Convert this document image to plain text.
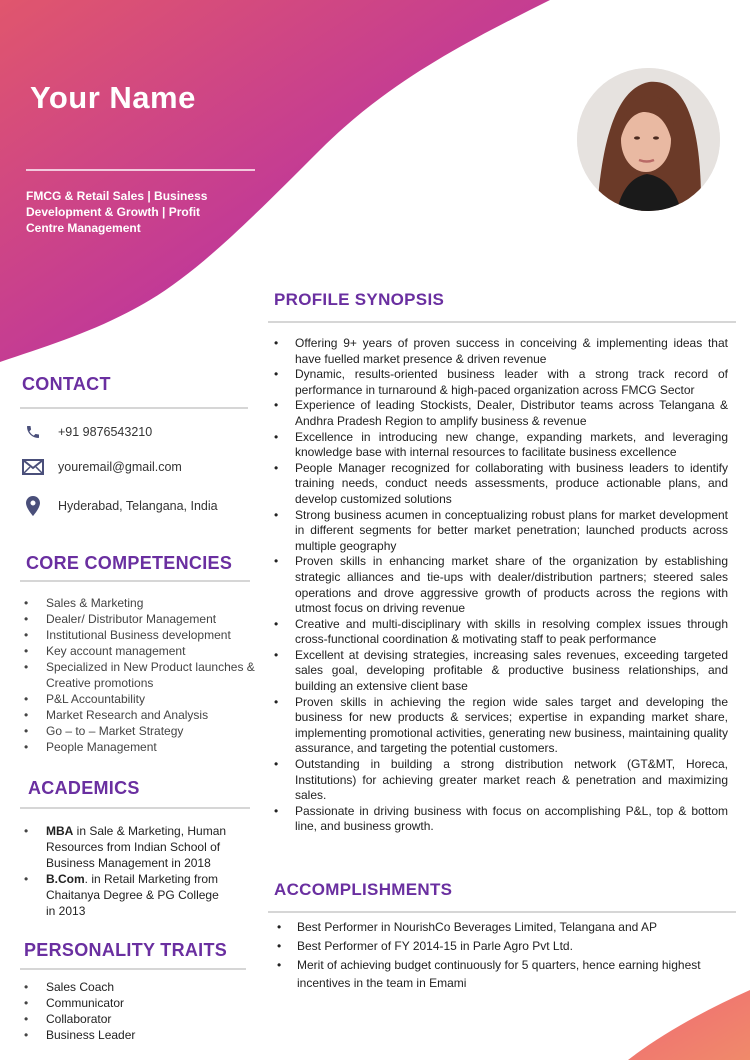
Your Name
FMCG & Retail Sales | Business Development & Growth | Profit Centre Management
CONTACT
+91 9876543210
youremail@gmail.com
Hyderabad, Telangana, India
CORE COMPETENCIES
• Sales & Marketing
• Dealer/ Distributor Management
• Institutional Business development
• Key account management
• Specialized in New Product launches & Creative promotions
• P&L Accountability
• Market Research and Analysis
• Go – to – Market Strategy
• People Management
ACADEMICS
• MBA in Sale & Marketing, Human Resources from Indian School of Business Management in 2018
• B.Com. in Retail Marketing from Chaitanya Degree & PG College in 2013
PERSONALITY TRAITS
• Sales Coach
• Communicator
• Collaborator
• Business Leader
PROFILE SYNOPSIS
• Offering 9+ years of proven success in conceiving & implementing ideas that have fuelled market presence & driven revenue
• Dynamic, results-oriented business leader with a strong track record of performance in turnaround & high-paced organization across FMCG Sector
• Experience of leading Stockists, Dealer, Distributor teams across Telangana & Andhra Pradesh Region to amplify business & revenue
• Excellence in introducing new change, expanding markets, and leveraging knowledge base with internal resources to facilitate business excellence
• People Manager recognized for collaborating with business leaders to identify training needs, conduct needs assessments, produce actionable plans, and develop customized solutions
• Strong business acumen in conceptualizing robust plans for market development in different segments for better market penetration; launched products across multiple geography
• Proven skills in enhancing market share of the organization by establishing strategic alliances and tie-ups with dealer/distribution partners; steered sales operations and drove aggressive growth of products across the regions with utmost focus on driving revenue
• Creative and multi-disciplinary with skills in resolving complex issues through cross-functional coordination & motivating staff to peak performance
• Excellent at devising strategies, increasing sales revenues, exceeding targeted sales goal, developing profitable & productive business relationships, and building an extensive client base
• Proven skills in achieving the region wide sales target and developing the business for new products & services; expertise in expanding market share, implementing promotional activities, generating new business, maintaining quality assurance, and targeting the potential customers.
• Outstanding in building a strong distribution network (GT&MT, Horeca, Institutions) for achieving greater market reach & penetration and maximizing sales.
• Passionate in driving business with focus on accomplishing P&L, top & bottom line, and business growth.
ACCOMPLISHMENTS
• Best Performer in NourishCo Beverages Limited, Telangana and AP
• Best Performer of FY 2014-15 in Parle Agro Pvt Ltd.
• Merit of achieving budget continuously for 5 quarters, hence earning highest incentives in the team in Emami
